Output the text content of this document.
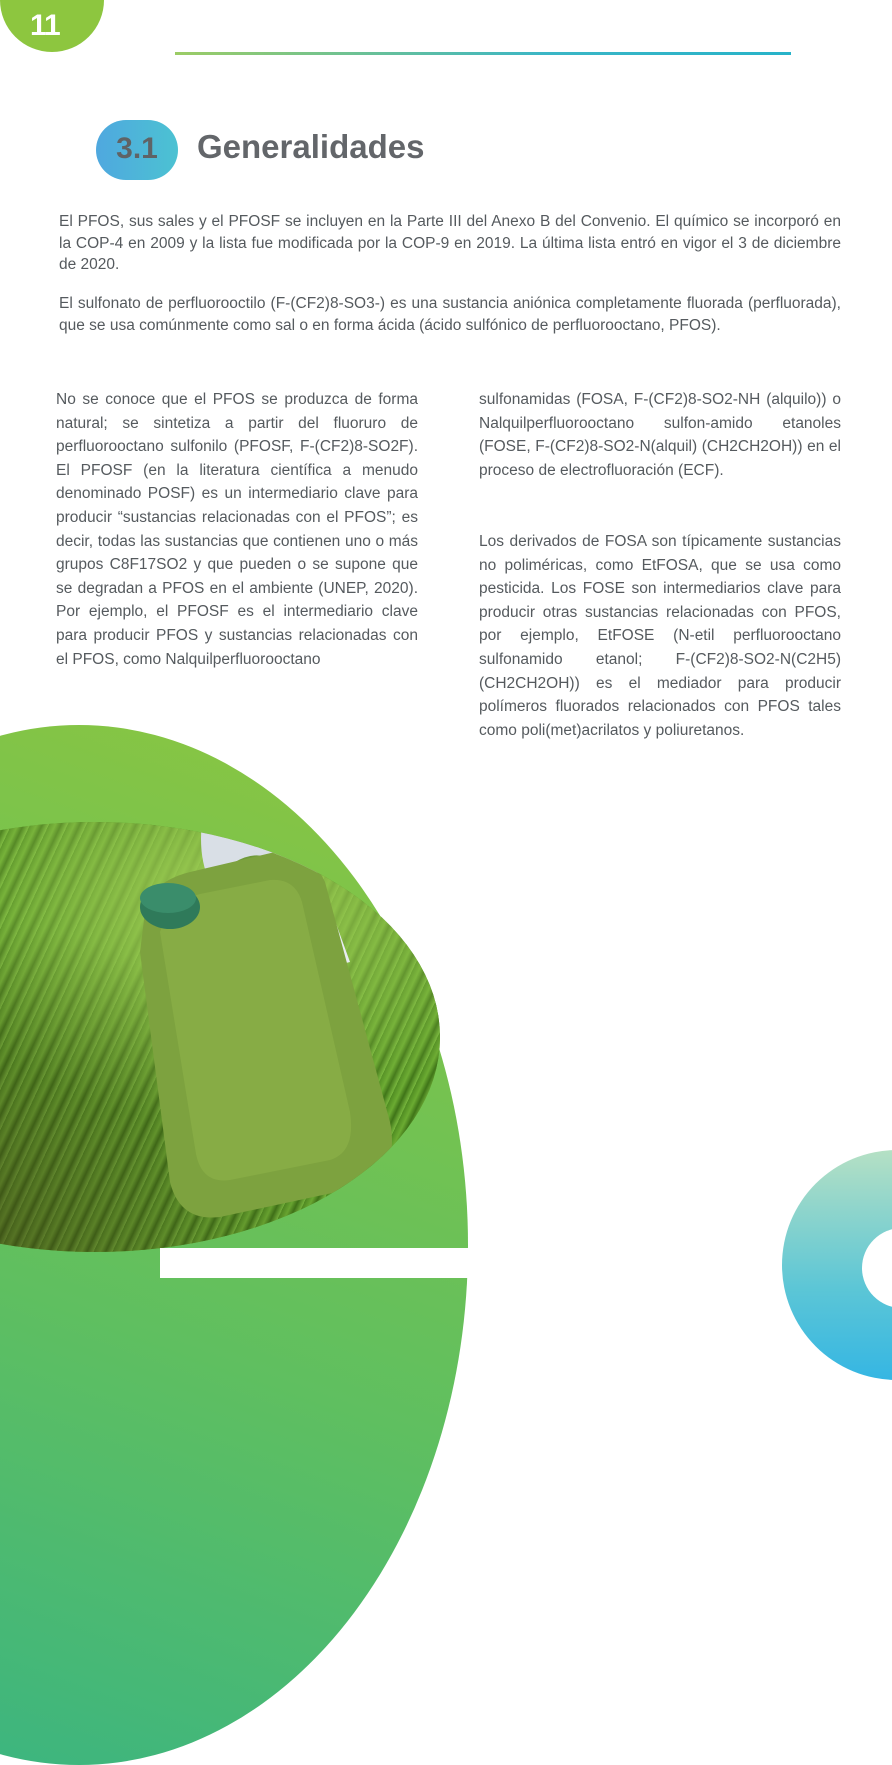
11
3.1	Generalidades

El PFOS, sus sales y el PFOSF se incluyen en la Parte III del Anexo B del Convenio. El químico se incorporó en la COP-4 en 2009 y la lista fue modificada por la COP-9 en 2019. La última lista entró en vigor el 3 de diciembre de 2020.

El sulfonato de perfluorooctilo (F-(CF2)8-SO3-) es una sustancia aniónica completamente fluorada (perfluorada), que se usa comúnmente como sal o en forma ácida (ácido sulfónico de perfluorooctano, PFOS).

No se conoce que el PFOS se produzca de forma natural; se sintetiza a partir del fluoruro de perfluorooctano sulfonilo (PFOSF, F-(CF2)8-SO2F). El PFOSF (en la literatura científica a menudo denominado POSF) es un intermediario clave para producir “sustancias relacionadas con el PFOS”; es decir, todas las sustancias que contienen uno o más grupos C8F17SO2 y que pueden o se supone que se degradan a PFOS en el ambiente (UNEP, 2020). Por ejemplo, el PFOSF es el intermediario clave para producir PFOS y sustancias relacionadas con el PFOS, como Nalquilperfluorooctano

sulfonamidas (FOSA, F-(CF2)8-SO2-NH (alquilo)) o Nalquilperfluorooctano sulfon-amido etanoles (FOSE, F-(CF2)8-SO2-N(alquil) (CH2CH2OH)) en el proceso de electrofluoración (ECF).

Los derivados de FOSA son típicamente sustancias no poliméricas, como EtFOSA, que se usa como pesticida. Los FOSE son intermediarios clave para producir otras sustancias relacionadas con PFOS, por ejemplo, EtFOSE (N-etil perfluorooctano sulfonamido etanol; F-(CF2)8-SO2-N(C2H5) (CH2CH2OH)) es el mediador para producir polímeros fluorados relacionados con PFOS tales como poli(met)acrilatos y poliuretanos.
